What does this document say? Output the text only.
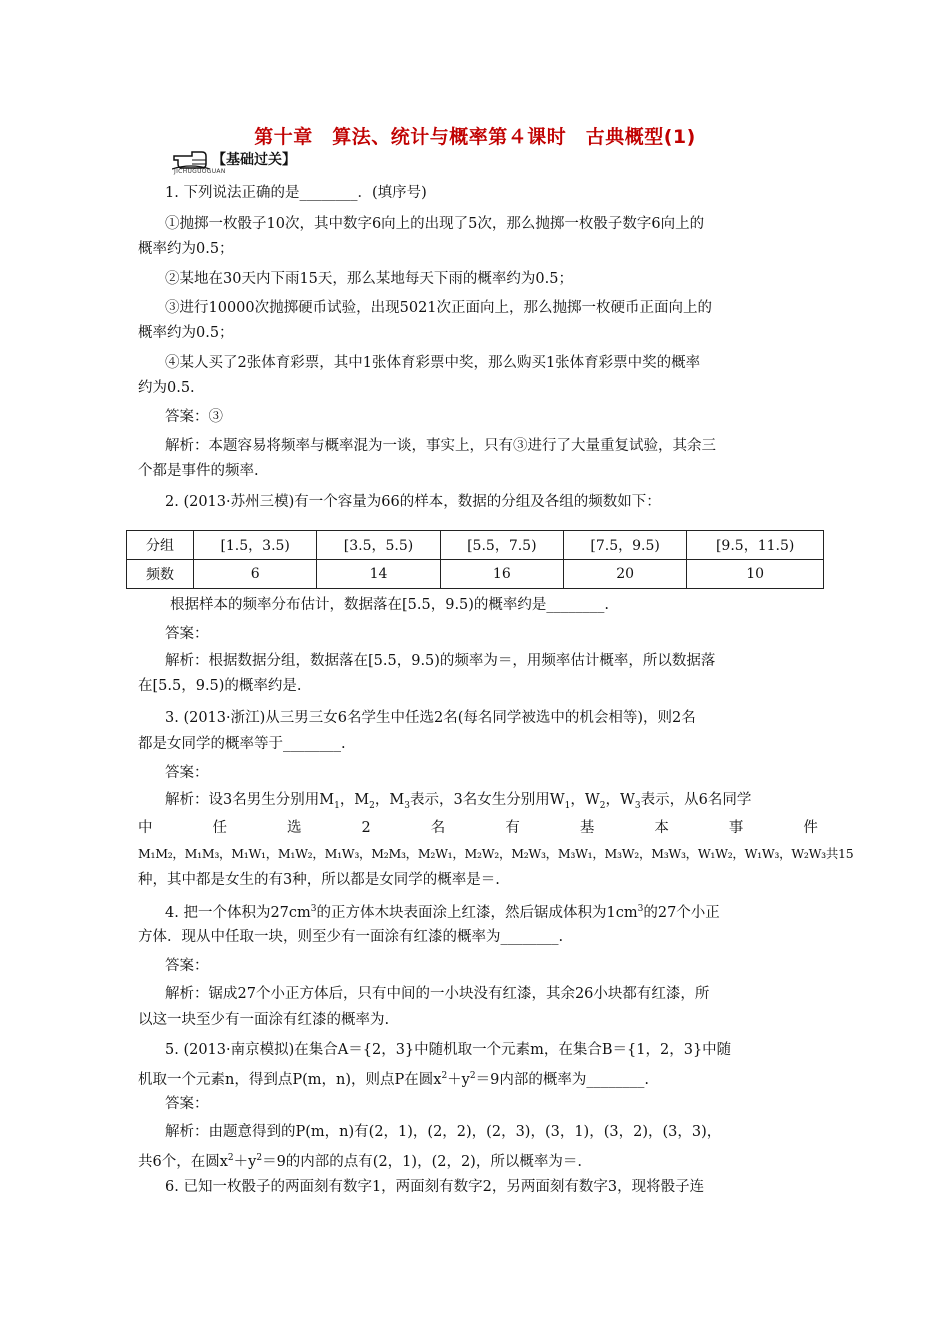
第十章　算法、统计与概率第４课时　古典概型(1)
【基础过关】
JICHUGUOGUAN
1. 下列说法正确的是________．(填序号)
①抛掷一枚骰子10次，其中数字6向上的出现了5次，那么抛掷一枚骰子数字6向上的
概率约为0.5；
②某地在30天内下雨15天，那么某地每天下雨的概率约为0.5；
③进行10000次抛掷硬币试验，出现5021次正面向上，那么抛掷一枚硬币正面向上的
概率约为0.5；
④某人买了2张体育彩票，其中1张体育彩票中奖，那么购买1张体育彩票中奖的概率
约为0.5.
答案：③
解析：本题容易将频率与概率混为一谈，事实上，只有③进行了大量重复试验，其余三
个都是事件的频率.
2. (2013·苏州三模)有一个容量为66的样本，数据的分组及各组的频数如下：
分组	[1.5，3.5)	[3.5，5.5)	[5.5，7.5)	[7.5，9.5)	[9.5，11.5)
频数	6	14	16	20	10
根据样本的频率分布估计，数据落在[5.5，9.5)的概率约是________.
答案：
解析：根据数据分组，数据落在[5.5，9.5)的频率为＝，用频率估计概率，所以数据落
在[5.5，9.5)的概率约是.
3. (2013·浙江)从三男三女6名学生中任选2名(每名同学被选中的机会相等)，则2名
都是女同学的概率等于________.
答案：
解析：设3名男生分别用$M_1$，$M_2$，$M_3$表示，3名女生分别用$W_1$，$W_2$，$W_3$表示，从6名同学
中	任	选	2	名	有	基	本	事	件
M₁M₂，M₁M₃，M₁W₁，M₁W₂，M₁W₃，M₂M₃，M₂W₁，M₂W₂，M₂W₃，M₃W₁，M₃W₂，M₃W₃，W₁W₂，W₁W₃，W₂W₃共15
种，其中都是女生的有3种，所以都是女同学的概率是＝.
4. 把一个体积为$27cm^3$的正方体木块表面涂上红漆，然后锯成体积为$1cm^3$的27个小正
方体．现从中任取一块，则至少有一面涂有红漆的概率为________.
答案：
解析：锯成27个小正方体后，只有中间的一小块没有红漆，其余26小块都有红漆，所
以这一块至少有一面涂有红漆的概率为.
5. (2013·南京模拟)在集合A＝{2，3}中随机取一个元素m，在集合B＝{1，2，3}中随
机取一个元素n，得到点P(m，n)，则点P在圆$x^2+y^2=9$内部的概率为________.
答案：
解析：由题意得到的P(m，n)有(2，1)，(2，2)，(2，3)，(3，1)，(3，2)，(3，3)，
共6个，在圆$x^2+y^2=9$的内部的点有(2，1)，(2，2)，所以概率为＝.
6. 已知一枚骰子的两面刻有数字1，两面刻有数字2，另两面刻有数字3，现将骰子连
